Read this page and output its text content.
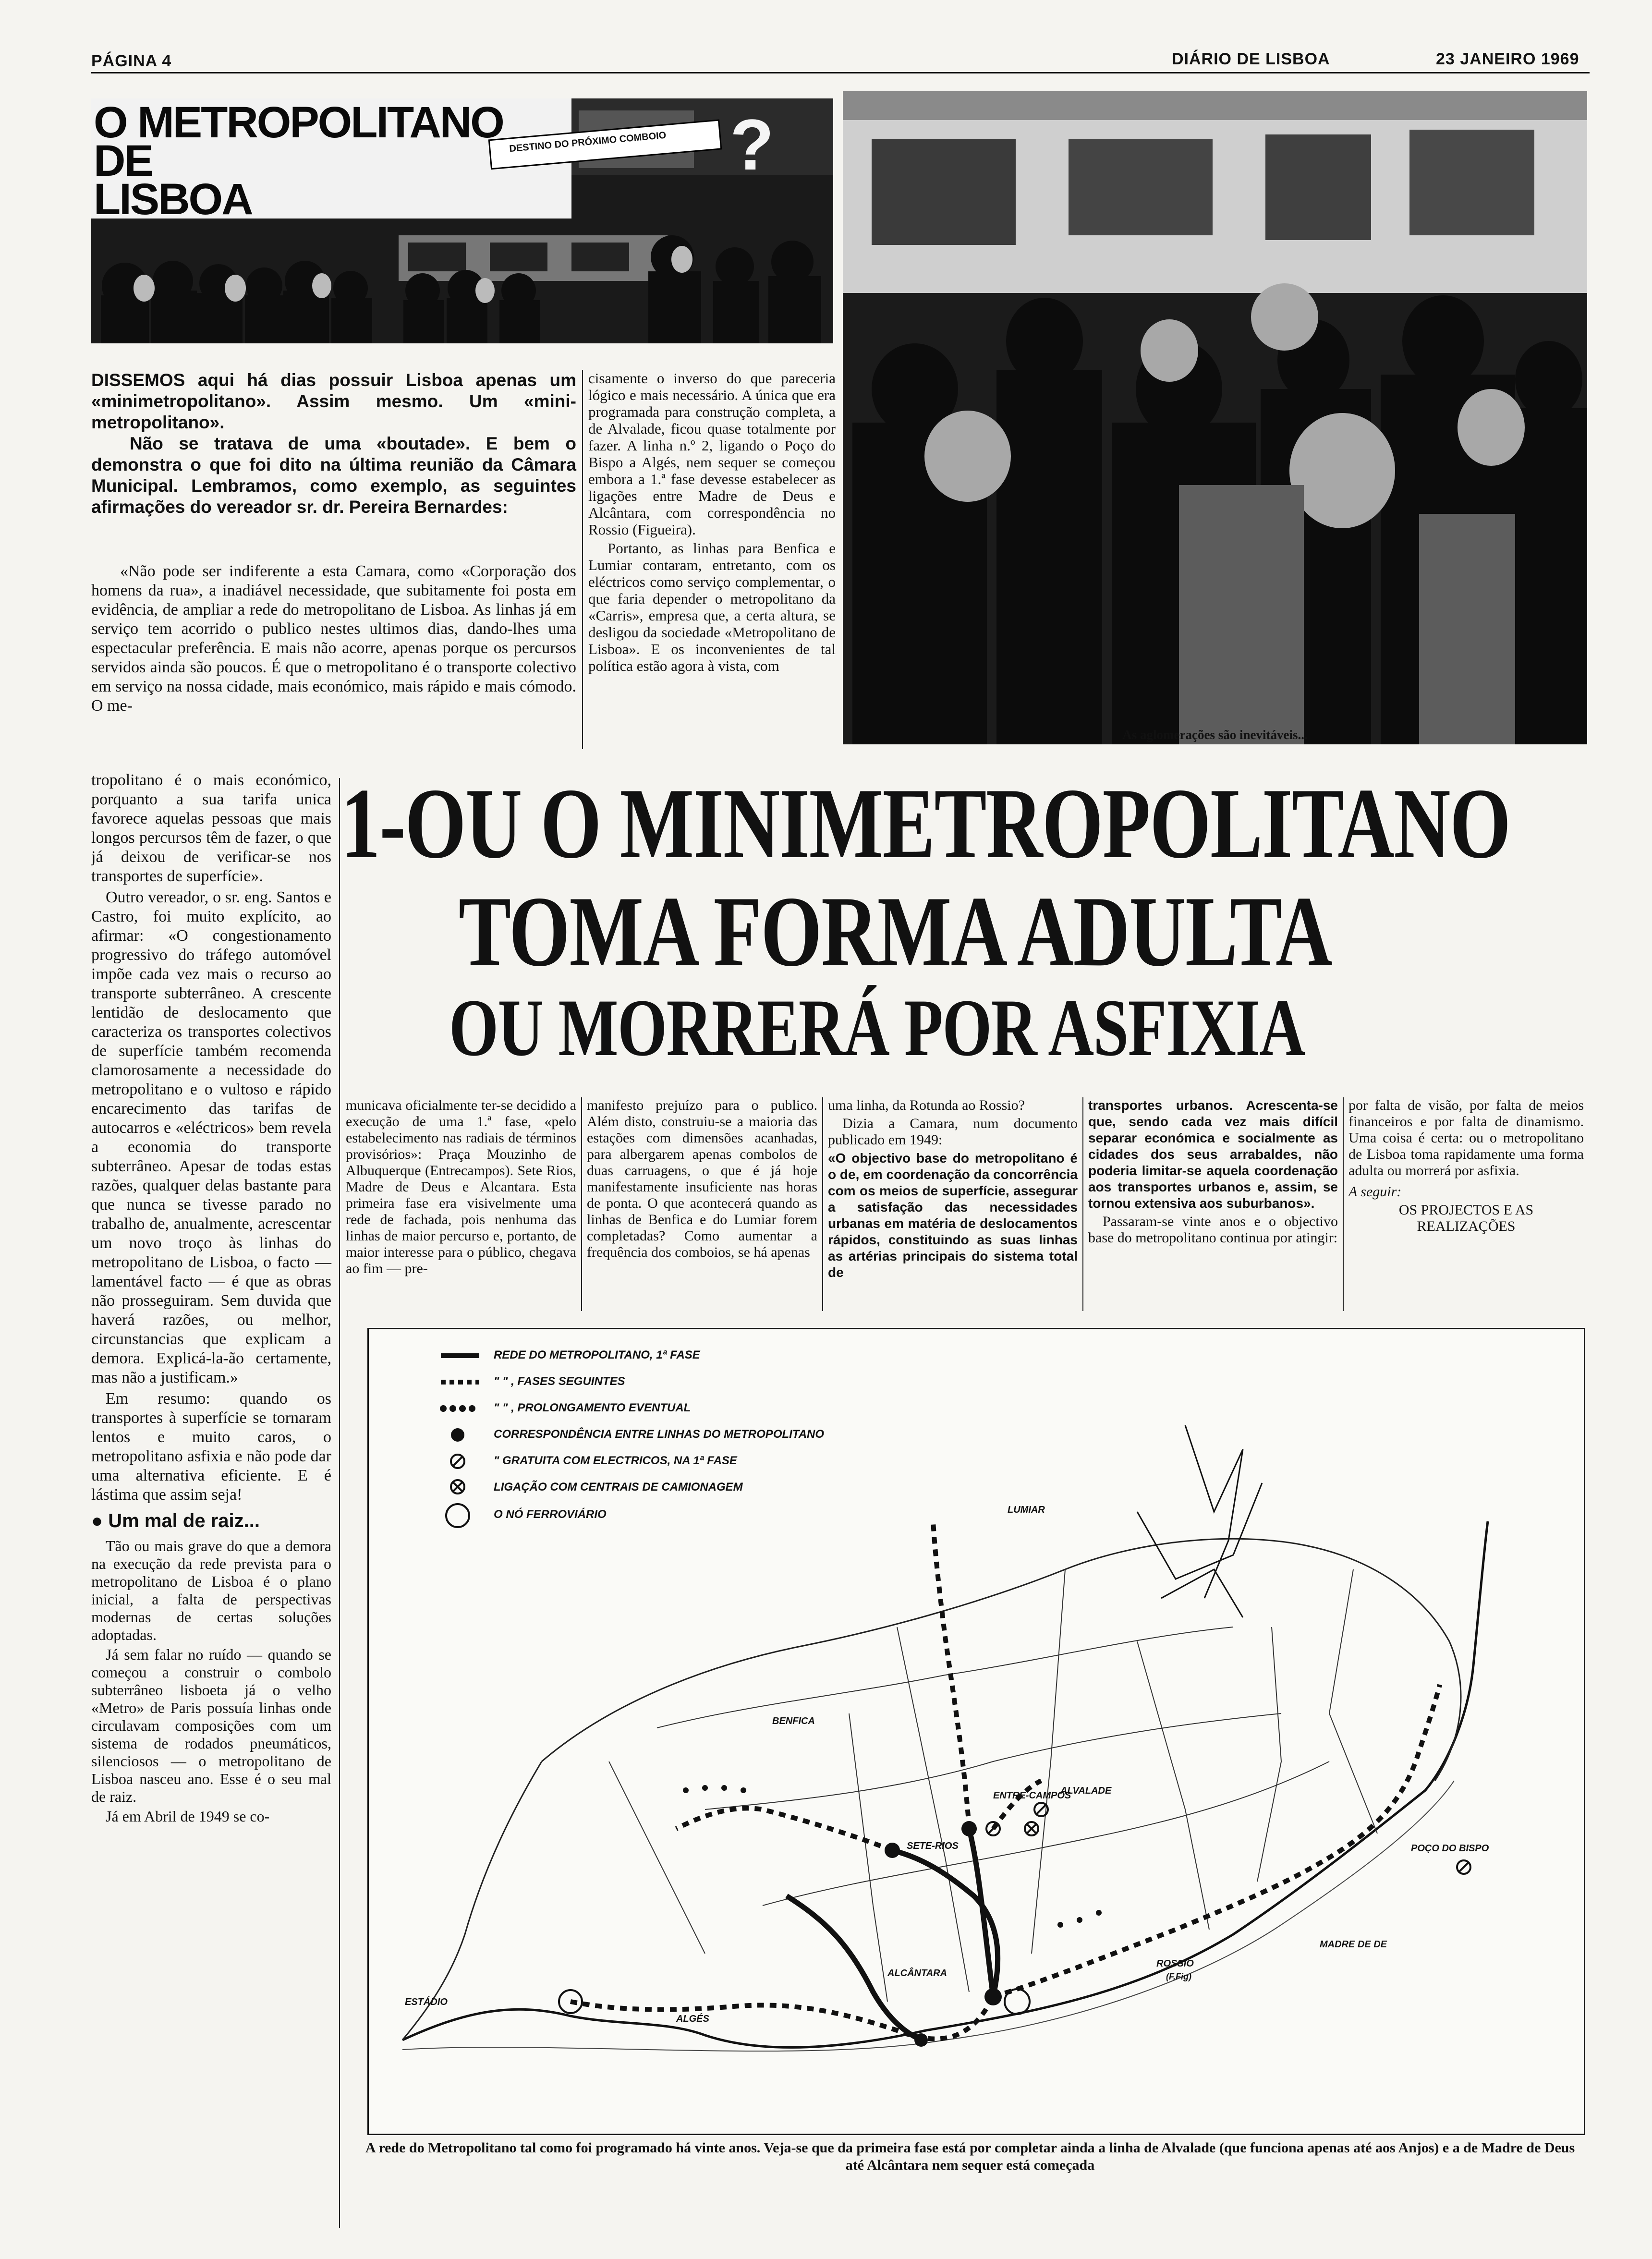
PÁGINA 4	DIÁRIO DE LISBOA	23 JANEIRO 1969
O METROPOLITANO
DE
LISBOA
DESTINO DO PRÓXIMO COMBOIO ?
As aglomerações são inevitáveis...
DISSEMOS aqui há dias possuir Lisboa apenas um «minimetropolitano». Assim mesmo. Um «mini-metropolitano».
Não se tratava de uma «boutade». E bem o demonstra o que foi dito na última reunião da Câmara Municipal. Lembramos, como exemplo, as seguintes afirmações do vereador sr. dr. Pereira Bernardes:

«Não pode ser indiferente a esta Camara, como «Corporação dos homens da rua», a inadiável necessidade, que subitamente foi posta em evidência, de ampliar a rede do metropolitano de Lisboa. As linhas já em serviço tem acorrido o publico nestes ultimos dias, dando-lhes uma espectacular preferência. E mais não acorre, apenas porque os percursos servidos ainda são poucos. É que o metropolitano é o transporte colectivo em serviço na nossa cidade, mais económico, mais rápido e mais cómodo. O me-

cisamente o inverso do que pareceria lógico e mais necessário. A única que era programada para construção completa, a de Alvalade, ficou quase totalmente por fazer. A linha n.º 2, ligando o Poço do Bispo a Algés, nem sequer se começou embora a 1.ª fase devesse estabelecer as ligações entre Madre de Deus e Alcântara, com correspondência no Rossio (Figueira).

Portanto, as linhas para Benfica e Lumiar contaram, entretanto, com os eléctricos como serviço complementar, o que faria depender o metropolitano da «Carris», empresa que, a certa altura, se desligou da sociedade «Metropolitano de Lisboa». E os inconvenientes de tal política estão agora à vista, com

tropolitano é o mais económico, porquanto a sua tarifa unica favorece aquelas pessoas que mais longos percursos têm de fazer, o que já deixou de verificar-se nos transportes de superfície».

Outro vereador, o sr. eng. Santos e Castro, foi muito explícito, ao afirmar: «O congestionamento progressivo do tráfego automóvel impõe cada vez mais o recurso ao transporte subterrâneo. A crescente lentidão de deslocamento que caracteriza os transportes colectivos de superfície também recomenda clamorosamente a necessidade do metropolitano e o vultoso e rápido encarecimento das tarifas de autocarros e «eléctricos» bem revela a economia do transporte subterrâneo. Apesar de todas estas razões, qualquer delas bastante para que nunca se tivesse parado no trabalho de, anualmente, acrescentar um novo troço às linhas do metropolitano de Lisboa, o facto — lamentável facto — é que as obras não prosseguiram. Sem duvida que haverá razões, ou melhor, circunstancias que explicam a demora. Explicá-la-ão certamente, mas não a justificam.»

Em resumo: quando os transportes à superfície se tornaram lentos e muito caros, o metropolitano asfixia e não pode dar uma alternativa eficiente. E é lástima que assim seja!

● Um mal de raiz...

Tão ou mais grave do que a demora na execução da rede prevista para o metropolitano de Lisboa é o plano inicial, a falta de perspectivas modernas de certas soluções adoptadas.

Já sem falar no ruído — quando se começou a construir o combolo subterrâneo lisboeta já o velho «Metro» de Paris possuía linhas onde circulavam composições com um sistema de rodados pneumáticos, silenciosos — o metropolitano de Lisboa nasceu ano. Esse é o seu mal de raiz.

Já em Abril de 1949 se co-

1-OU O MINIMETROPOLITANO
TOMA FORMA ADULTA
OU MORRERÁ POR ASFIXIA
municava oficialmente ter-se decidido a execução de uma 1.ª fase, «pelo estabelecimento nas radiais de términos provisórios»: Praça Mouzinho de Albuquerque (Entrecampos). Sete Rios, Madre de Deus e Alcantara. Esta primeira fase era visivelmente uma rede de fachada, pois nenhuma das linhas de maior percurso e, portanto, de maior interesse para o público, chegava ao fim — pre-
manifesto prejuízo para o publico. Além disto, construiu-se a maioria das estações com dimensões acanhadas, para albergarem apenas combolos de duas carruagens, o que é já hoje manifestamente insuficiente nas horas de ponta. O que acontecerá quando as linhas de Benfica e do Lumiar forem completadas? Como aumentar a frequência dos comboios, se há apenas

uma linha, da Rotunda ao Rossio?

Dizia a Camara, num documento publicado em 1949:

«O objectivo base do metropolitano é o de, em coordenação da concorrência com os meios de superfície, assegurar a satisfação das necessidades urbanas em matéria de deslocamentos rápidos, constituindo as suas linhas as artérias principais do sistema total de

transportes urbanos. Acrescenta-se que, sendo cada vez mais difícil separar económica e socialmente as cidades dos seus arrabaldes, não poderia limitar-se aquela coordenação aos transportes urbanos e, assim, se tornou extensiva aos suburbanos».

Passaram-se vinte anos e o objectivo base do metropolitano continua por atingir:

por falta de visão, por falta de meios financeiros e por falta de dinamismo. Uma coisa é certa: ou o metropolitano de Lisboa toma rapidamente uma forma adulta ou morrerá por asfixia.

A seguir:

OS PROJECTOS E AS REALIZAÇÕES

REDE DO METROPOLITANO, 1ª FASE
" " , FASES SEGUINTES
" " , PROLONGAMENTO EVENTUAL
CORRESPONDÊNCIA ENTRE LINHAS DO METROPOLITANO
" GRATUITA COM ELECTRICOS, NA 1ª FASE
LIGAÇÃO COM CENTRAIS DE CAMIONAGEM
O NÓ FERROVIÁRIO	LUMIAR
BENFICA
ALVALADE
ENTRE-CAMPOS
SETE-RIOS	POÇO DO BISPO
MADRE DE DE
ROSSIO
(F.Fig)
ALCÂNTARA
ESTÁDIO
ALGÉS
A rede do Metropolitano tal como foi programado há vinte anos. Veja-se que da primeira fase está por completar ainda a linha de Alvalade (que funciona apenas até aos Anjos) e a de Madre de Deus até Alcântara nem sequer está começada
